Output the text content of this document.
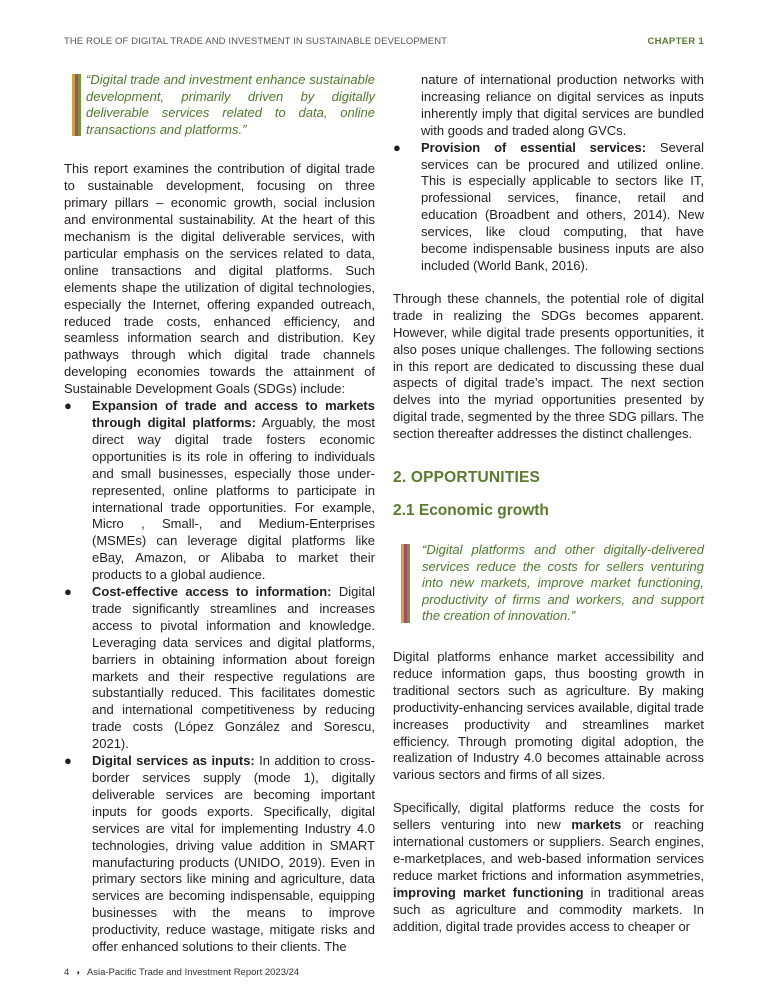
THE ROLE OF DIGITAL TRADE AND INVESTMENT IN SUSTAINABLE DEVELOPMENT	CHAPTER 1
“Digital trade and investment enhance sustainable development, primarily driven by digitally deliverable services related to data, online transactions and platforms.”

This report examines the contribution of digital trade to sustainable development, focusing on three primary pillars – economic growth, social inclusion and environmental sustainability. At the heart of this mechanism is the digital deliverable services, with particular emphasis on the services related to data, online transactions and digital platforms. Such elements shape the utilization of digital technologies, especially the Internet, offering expanded outreach, reduced trade costs, enhanced efficiency, and seamless information search and distribution. Key pathways through which digital trade channels developing economies towards the attainment of Sustainable Development Goals (SDGs) include:

● Expansion of trade and access to markets through digital platforms: Arguably, the most direct way digital trade fosters economic opportunities is its role in offering to individuals and small businesses, especially those under-represented, online platforms to participate in international trade opportunities. For example, Micro , Small-, and Medium-Enterprises (MSMEs) can leverage digital platforms like eBay, Amazon, or Alibaba to market their products to a global audience.
● Cost-effective access to information: Digital trade significantly streamlines and increases access to pivotal information and knowledge. Leveraging data services and digital platforms, barriers in obtaining information about foreign markets and their respective regulations are substantially reduced. This facilitates domestic and international competitiveness by reducing trade costs (López González and Sorescu, 2021).
● Digital services as inputs: In addition to cross-border services supply (mode 1), digitally deliverable services are becoming important inputs for goods exports. Specifically, digital services are vital for implementing Industry 4.0 technologies, driving value addition in SMART manufacturing products (UNIDO, 2019). Even in primary sectors like mining and agriculture, data services are becoming indispensable, equipping businesses with the means to improve productivity, reduce wastage, mitigate risks and offer enhanced solutions to their clients. The
nature of international production networks with increasing reliance on digital services as inputs inherently imply that digital services are bundled with goods and traded along GVCs.
● Provision of essential services: Several services can be procured and utilized online. This is especially applicable to sectors like IT, professional services, finance, retail and education (Broadbent and others, 2014). New services, like cloud computing, that have become indispensable business inputs are also included (World Bank, 2016).

Through these channels, the potential role of digital trade in realizing the SDGs becomes apparent. However, while digital trade presents opportunities, it also poses unique challenges. The following sections in this report are dedicated to discussing these dual aspects of digital trade’s impact. The next section delves into the myriad opportunities presented by digital trade, segmented by the three SDG pillars. The section thereafter addresses the distinct challenges.

2. OPPORTUNITIES
2.1 Economic growth
“Digital platforms and other digitally-delivered services reduce the costs for sellers venturing into new markets, improve market functioning, productivity of firms and workers, and support the creation of innovation.”

Digital platforms enhance market accessibility and reduce information gaps, thus boosting growth in traditional sectors such as agriculture. By making productivity-enhancing services available, digital trade increases productivity and streamlines market efficiency. Through promoting digital adoption, the realization of Industry 4.0 becomes attainable across various sectors and firms of all sizes.

Specifically, digital platforms reduce the costs for sellers venturing into new markets or reaching international customers or suppliers. Search engines, e-marketplaces, and web-based information services reduce market frictions and information asymmetries, improving market functioning in traditional areas such as agriculture and commodity markets. In addition, digital trade provides access to cheaper or

4 ◗ Asia-Pacific Trade and Investment Report 2023/24
